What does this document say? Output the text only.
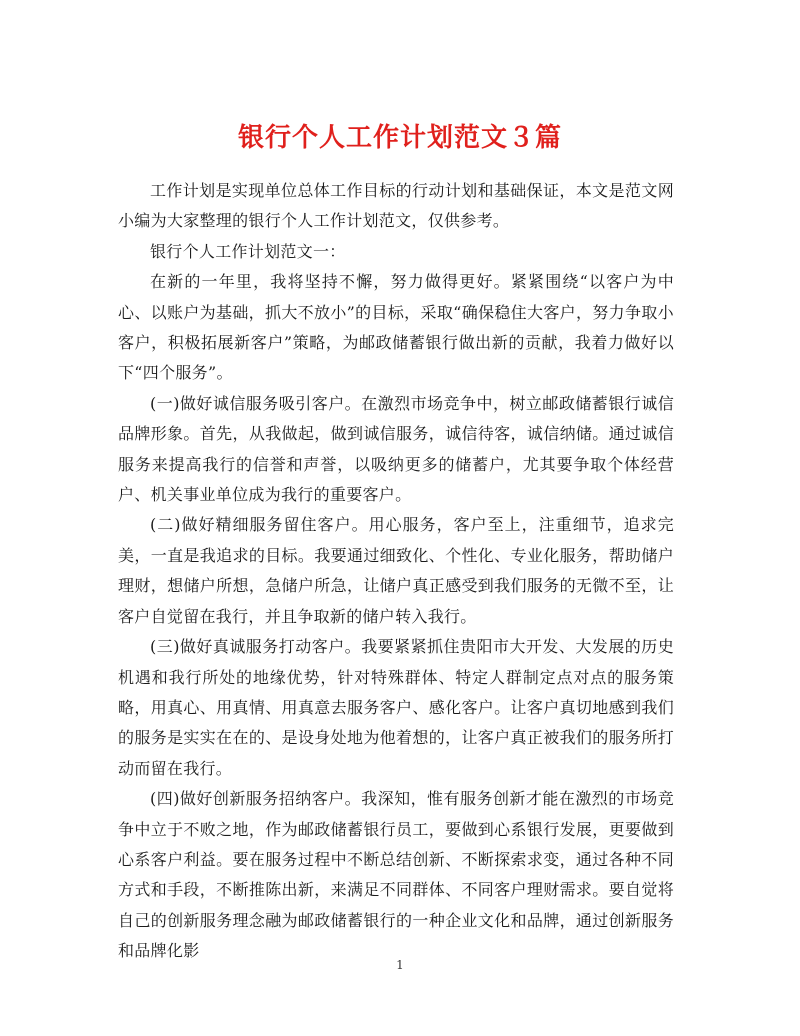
银行个人工作计划范文３篇

工作计划是实现单位总体工作目标的行动计划和基础保证，本文是范文网小编为大家整理的银行个人工作计划范文，仅供参考。

银行个人工作计划范文一：

在新的一年里，我将坚持不懈，努力做得更好。紧紧围绕“以客户为中心、以账户为基础，抓大不放小”的目标，采取“确保稳住大客户，努力争取小客户，积极拓展新客户”策略，为邮政储蓄银行做出新的贡献，我着力做好以下“四个服务”。

(一)做好诚信服务吸引客户。在激烈市场竞争中，树立邮政储蓄银行诚信品牌形象。首先，从我做起，做到诚信服务，诚信待客，诚信纳储。通过诚信服务来提高我行的信誉和声誉，以吸纳更多的储蓄户，尤其要争取个体经营户、机关事业单位成为我行的重要客户。

(二)做好精细服务留住客户。用心服务，客户至上，注重细节，追求完美，一直是我追求的目标。我要通过细致化、个性化、专业化服务，帮助储户理财，想储户所想，急储户所急，让储户真正感受到我们服务的无微不至，让客户自觉留在我行，并且争取新的储户转入我行。

(三)做好真诚服务打动客户。我要紧紧抓住贵阳市大开发、大发展的历史机遇和我行所处的地缘优势，针对特殊群体、特定人群制定点对点的服务策略，用真心、用真情、用真意去服务客户、感化客户。让客户真切地感到我们的服务是实实在在的、是设身处地为他着想的，让客户真正被我们的服务所打动而留在我行。

(四)做好创新服务招纳客户。我深知，惟有服务创新才能在激烈的市场竞争中立于不败之地，作为邮政储蓄银行员工，要做到心系银行发展，更要做到心系客户利益。要在服务过程中不断总结创新、不断探索求变，通过各种不同方式和手段，不断推陈出新，来满足不同群体、不同客户理财需求。要自觉将自己的创新服务理念融为邮政储蓄银行的一种企业文化和品牌，通过创新服务和品牌化影

1
